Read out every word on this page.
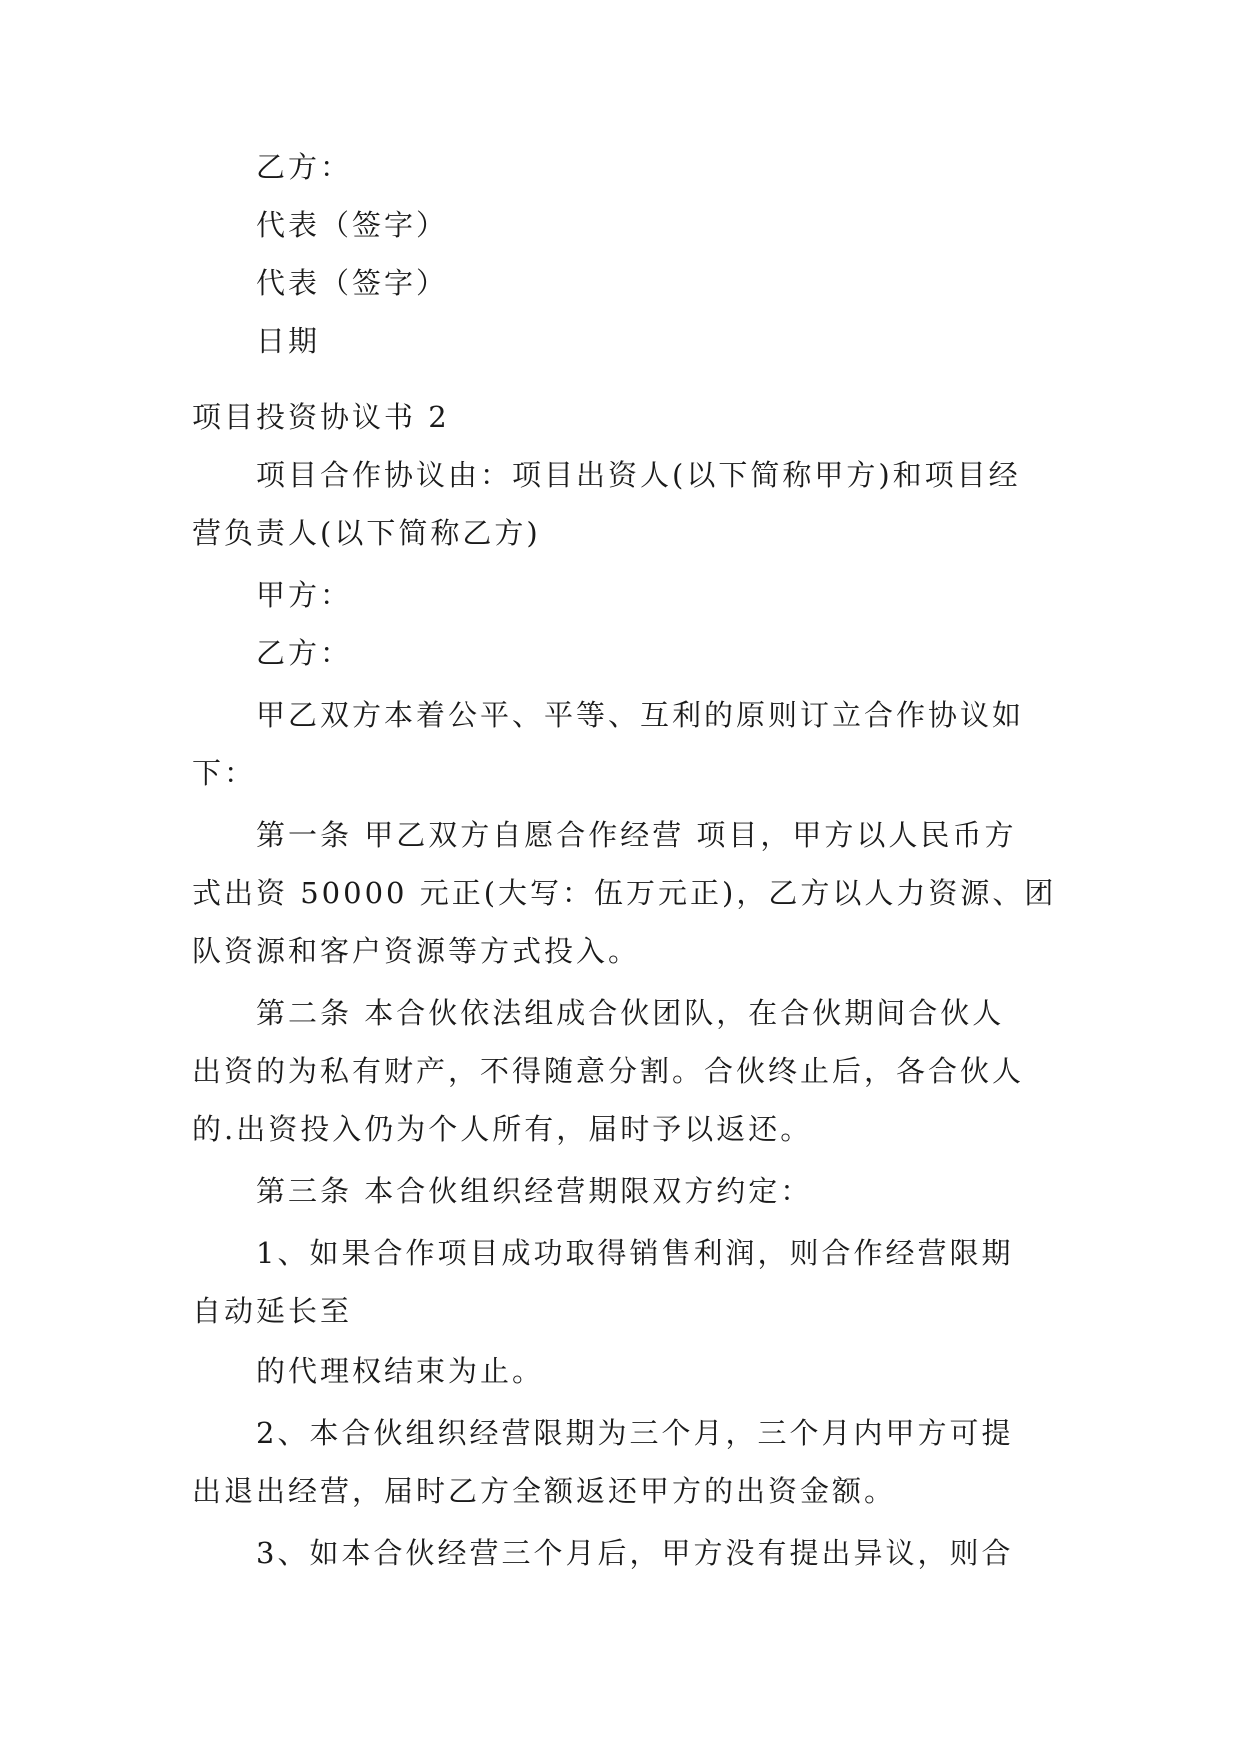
乙方：
代表（签字）
代表（签字）
日期
项目投资协议书 2
项目合作协议由：项目出资人(以下简称甲方)和项目经
营负责人(以下简称乙方)
甲方：
乙方：
甲乙双方本着公平、平等、互利的原则订立合作协议如
下：
第一条 甲乙双方自愿合作经营 项目，甲方以人民币方
式出资 50000 元正(大写：伍万元正)，乙方以人力资源、团
队资源和客户资源等方式投入。
第二条 本合伙依法组成合伙团队，在合伙期间合伙人
出资的为私有财产，不得随意分割。合伙终止后，各合伙人
的.出资投入仍为个人所有，届时予以返还。
第三条 本合伙组织经营期限双方约定：
1、如果合作项目成功取得销售利润，则合作经营限期
自动延长至
的代理权结束为止。
2、本合伙组织经营限期为三个月，三个月内甲方可提
出退出经营，届时乙方全额返还甲方的出资金额。
3、如本合伙经营三个月后，甲方没有提出异议，则合
